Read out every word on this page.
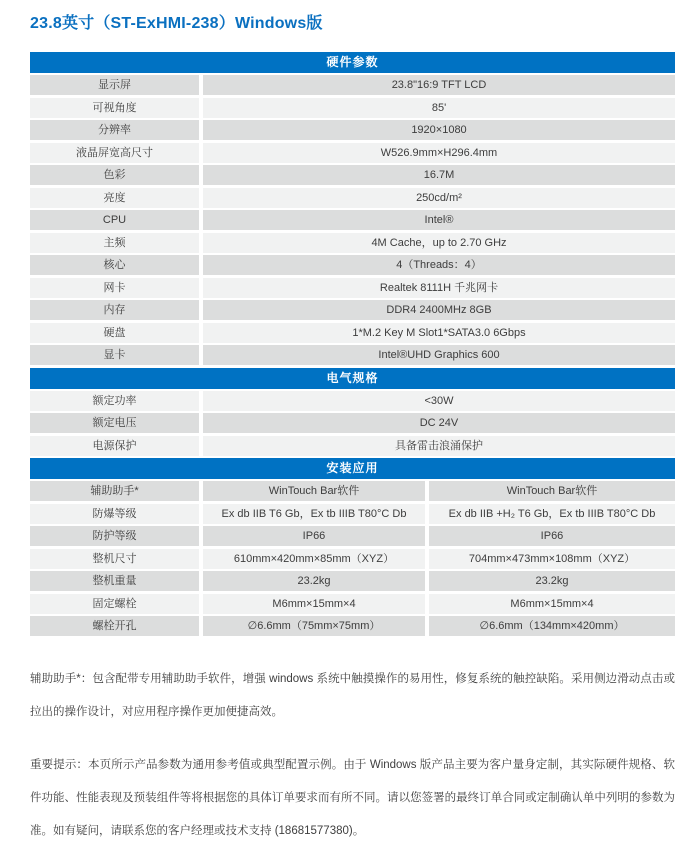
23.8英寸（ST-ExHMI-238）Windows版
硬件参数
显示屏	23.8"16:9 TFT LCD
可视角度	85'
分辨率	1920×1080
液晶屏宽高尺寸	W526.9mm×H296.4mm
色彩	16.7M
亮度	250cd/m²
CPU	Intel®
主频	4M Cache，up to 2.70 GHz
核心	4（Threads：4）
网卡	Realtek 8111H 千兆网卡
内存	DDR4 2400MHz 8GB
硬盘	1*M.2 Key M Slot1*SATA3.0 6Gbps
显卡	Intel®UHD Graphics 600
电气规格
额定功率	<30W
额定电压	DC 24V
电源保护	具备雷击浪涌保护
安装应用
辅助助手*	WinTouch Bar软件	WinTouch Bar软件
防爆等级	Ex db IIB T6 Gb，Ex tb IIIB T80°C Db	Ex db IIB +H₂ T6 Gb，Ex tb IIIB T80°C Db
防护等级	IP66	IP66
整机尺寸	610mm×420mm×85mm（XYZ）	704mm×473mm×108mm（XYZ）
整机重量	23.2kg	23.2kg
固定螺栓	M6mm×15mm×4	M6mm×15mm×4
螺栓开孔	∅6.6mm（75mm×75mm）	∅6.6mm（134mm×420mm）

辅助助手*：包含配带专用辅助助手软件，增强 windows 系统中触摸操作的易用性，修复系统的触控缺陷。采用侧边滑动点击或拉出的操作设计，对应用程序操作更加便捷高效。

重要提示：本页所示产品参数为通用参考值或典型配置示例。由于 Windows 版产品主要为客户量身定制，其实际硬件规格、软件功能、性能表现及预装组件等将根据您的具体订单要求而有所不同。请以您签署的最终订单合同或定制确认单中列明的参数为准。如有疑问，请联系您的客户经理或技术支持 (18681577380)。
